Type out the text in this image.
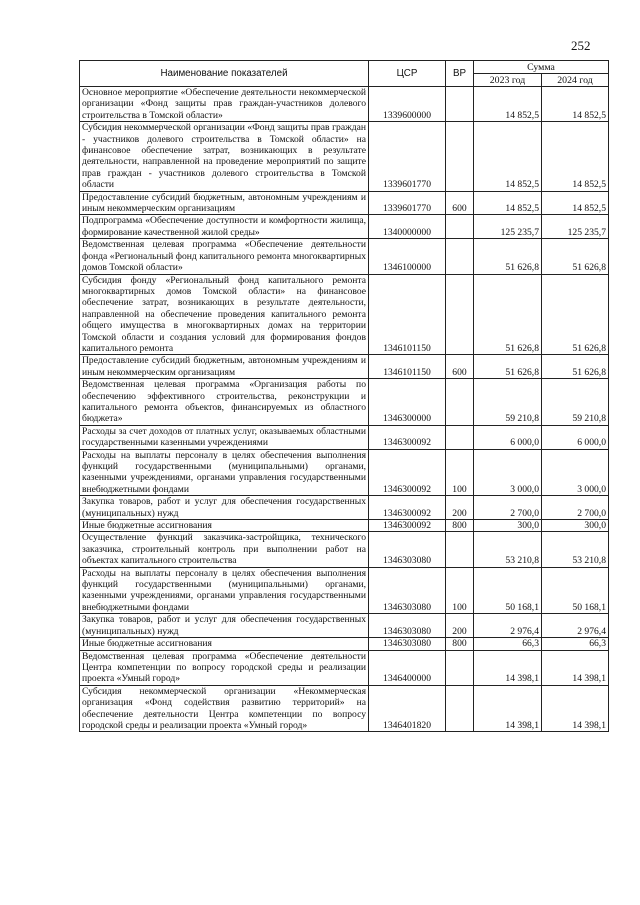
252
Наименование показателей	ЦСР	ВР	Сумма	
			2023 год	2024 год
Основное мероприятие «Обеспечение деятельности некоммерческой организации «Фонд защиты прав граждан-участников долевого строительства в Томской области»	1339600000		14 852,5	14 852,5
Субсидия некоммерческой организации «Фонд защиты прав граждан - участников долевого строительства в Томской области» на финансовое обеспечение затрат, возникающих в результате деятельности, направленной на проведение мероприятий по защите прав граждан - участников долевого строительства в Томской области	1339601770		14 852,5	14 852,5
Предоставление субсидий бюджетным, автономным учреждениям и иным некоммерческим организациям	1339601770	600	14 852,5	14 852,5
Подпрограмма «Обеспечение доступности и комфортности жилища, формирование качественной жилой среды»	1340000000		125 235,7	125 235,7
Ведомственная целевая программа «Обеспечение деятельности фонда «Региональный фонд капитального ремонта многоквартирных домов Томской области»	1346100000		51 626,8	51 626,8
Субсидия фонду «Региональный фонд капитального ремонта многоквартирных домов Томской области» на финансовое обеспечение затрат, возникающих в результате деятельности, направленной на обеспечение проведения капитального ремонта общего имущества в многоквартирных домах на территории Томской области и создания условий для формирования фондов капитального ремонта	1346101150		51 626,8	51 626,8
Предоставление субсидий бюджетным, автономным учреждениям и иным некоммерческим организациям	1346101150	600	51 626,8	51 626,8
Ведомственная целевая программа «Организация работы по обеспечению эффективного строительства, реконструкции и капитального ремонта объектов, финансируемых из областного бюджета»	1346300000		59 210,8	59 210,8
Расходы за счет доходов от платных услуг, оказываемых областными государственными казенными учреждениями	1346300092		6 000,0	6 000,0
Расходы на выплаты персоналу в целях обеспечения выполнения функций государственными (муниципальными) органами, казенными учреждениями, органами управления государственными внебюджетными фондами	1346300092	100	3 000,0	3 000,0
Закупка товаров, работ и услуг для обеспечения государственных (муниципальных) нужд	1346300092	200	2 700,0	2 700,0
Иные бюджетные ассигнования	1346300092	800	300,0	300,0
Осуществление функций заказчика-застройщика, технического заказчика, строительный контроль при выполнении работ на объектах капитального строительства	1346303080		53 210,8	53 210,8
Расходы на выплаты персоналу в целях обеспечения выполнения функций государственными (муниципальными) органами, казенными учреждениями, органами управления государственными внебюджетными фондами	1346303080	100	50 168,1	50 168,1
Закупка товаров, работ и услуг для обеспечения государственных (муниципальных) нужд	1346303080	200	2 976,4	2 976,4
Иные бюджетные ассигнования	1346303080	800	66,3	66,3
Ведомственная целевая программа «Обеспечение деятельности Центра компетенции по вопросу городской среды и реализации проекта «Умный город»	1346400000		14 398,1	14 398,1
Субсидия некоммерческой организации «Некоммерческая организация «Фонд содействия развитию территорий» на обеспечение деятельности Центра компетенции по вопросу городской среды и реализации проекта «Умный город»	1346401820		14 398,1	14 398,1
